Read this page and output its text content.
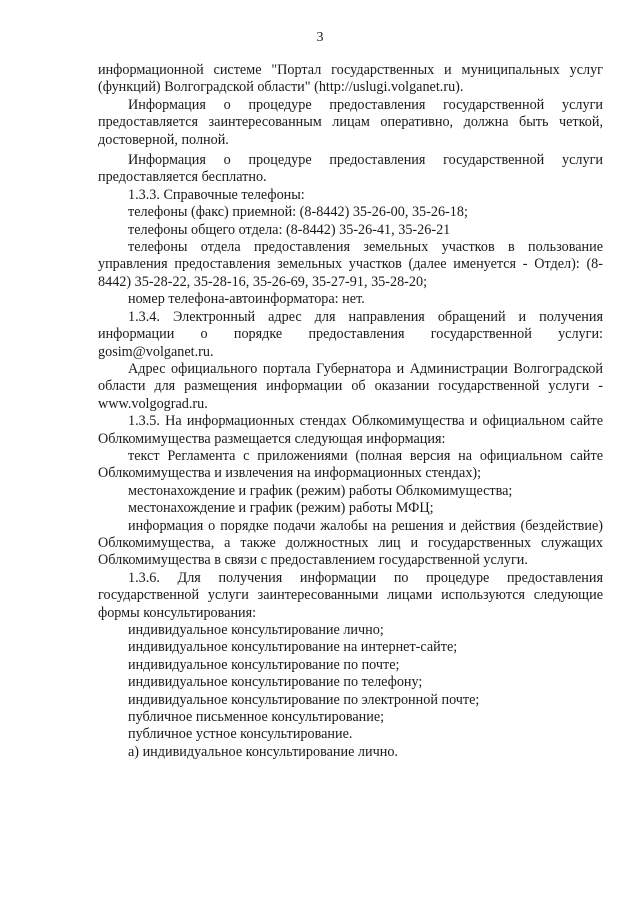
3

информационной системе "Портал государственных и муниципальных услуг (функций) Волгоградской области" (http://uslugi.volganet.ru).

Информация о процедуре предоставления государственной услуги предоставляется заинтересованным лицам оперативно, должна быть четкой, достоверной, полной.

Информация о процедуре предоставления государственной услуги предоставляется бесплатно.

1.3.3. Справочные телефоны:

телефоны (факс) приемной: (8-8442) 35-26-00, 35-26-18;

телефоны общего отдела: (8-8442) 35-26-41, 35-26-21

телефоны отдела предоставления земельных участков в пользование управления предоставления земельных участков (далее именуется - Отдел): (8-8442) 35-28-22, 35-28-16, 35-26-69, 35-27-91, 35-28-20;

номер телефона-автоинформатора: нет.

1.3.4. Электронный адрес для направления обращений и получения информации о порядке предоставления государственной услуги: gosim@volganet.ru.

Адрес официального портала Губернатора и Администрации Волгоградской области для размещения информации об оказании государственной услуги - www.volgograd.ru.

1.3.5. На информационных стендах Облкомимущества и официальном сайте Облкомимущества размещается следующая информация:

текст Регламента с приложениями (полная версия на официальном сайте Облкомимущества и извлечения на информационных стендах);

местонахождение и график (режим) работы Облкомимущества;

местонахождение и график (режим) работы МФЦ;

информация о порядке подачи жалобы на решения и действия (бездействие) Облкомимущества, а также должностных лиц и государственных служащих Облкомимущества в связи с предоставлением государственной услуги.

1.3.6. Для получения информации по процедуре предоставления государственной услуги заинтересованными лицами используются следующие формы консультирования:

индивидуальное консультирование лично;

индивидуальное консультирование на интернет-сайте;

индивидуальное консультирование по почте;

индивидуальное консультирование по телефону;

индивидуальное консультирование по электронной почте;

публичное письменное консультирование;

публичное устное консультирование.

а) индивидуальное консультирование лично.
